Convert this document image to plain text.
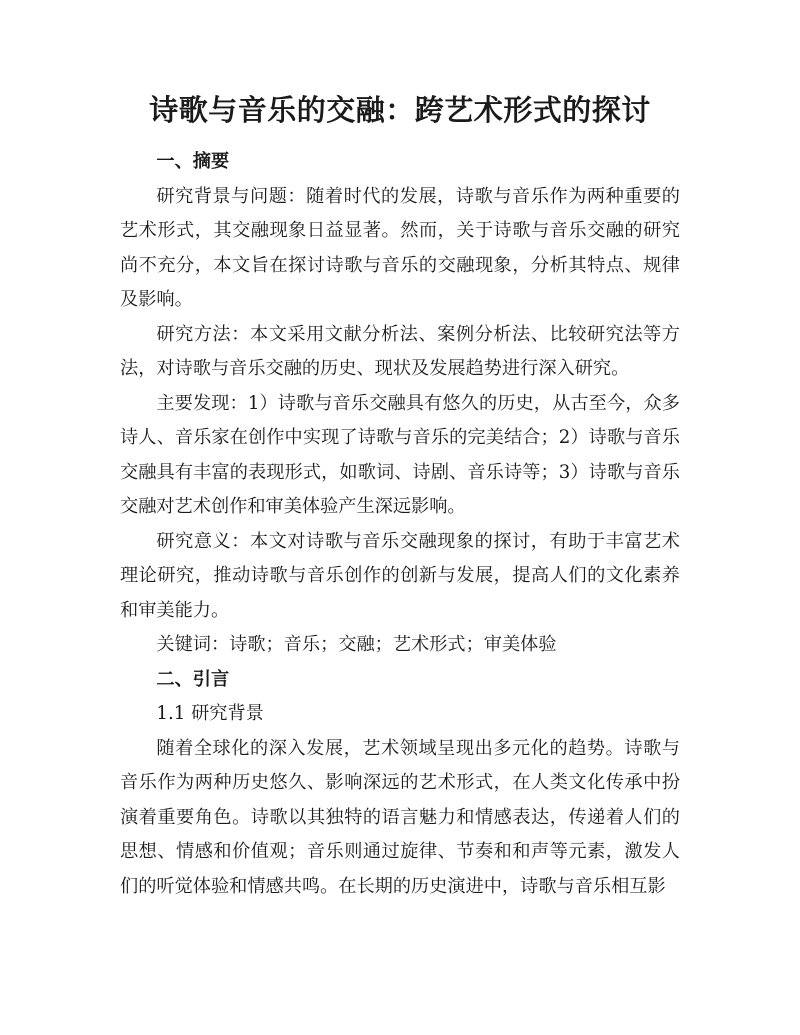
诗歌与音乐的交融：跨艺术形式的探讨

一、摘要

研究背景与问题：随着时代的发展，诗歌与音乐作为两种重要的艺术形式，其交融现象日益显著。然而，关于诗歌与音乐交融的研究尚不充分，本文旨在探讨诗歌与音乐的交融现象，分析其特点、规律及影响。

研究方法：本文采用文献分析法、案例分析法、比较研究法等方法，对诗歌与音乐交融的历史、现状及发展趋势进行深入研究。

主要发现：1）诗歌与音乐交融具有悠久的历史，从古至今，众多诗人、音乐家在创作中实现了诗歌与音乐的完美结合；2）诗歌与音乐交融具有丰富的表现形式，如歌词、诗剧、音乐诗等；3）诗歌与音乐交融对艺术创作和审美体验产生深远影响。

研究意义：本文对诗歌与音乐交融现象的探讨，有助于丰富艺术理论研究，推动诗歌与音乐创作的创新与发展，提高人们的文化素养和审美能力。

关键词：诗歌；音乐；交融；艺术形式；审美体验

二、引言

1.1 研究背景

随着全球化的深入发展，艺术领域呈现出多元化的趋势。诗歌与音乐作为两种历史悠久、影响深远的艺术形式，在人类文化传承中扮演着重要角色。诗歌以其独特的语言魅力和情感表达，传递着人们的思想、情感和价值观；音乐则通过旋律、节奏和和声等元素，激发人们的听觉体验和情感共鸣。在长期的历史演进中，诗歌与音乐相互影
